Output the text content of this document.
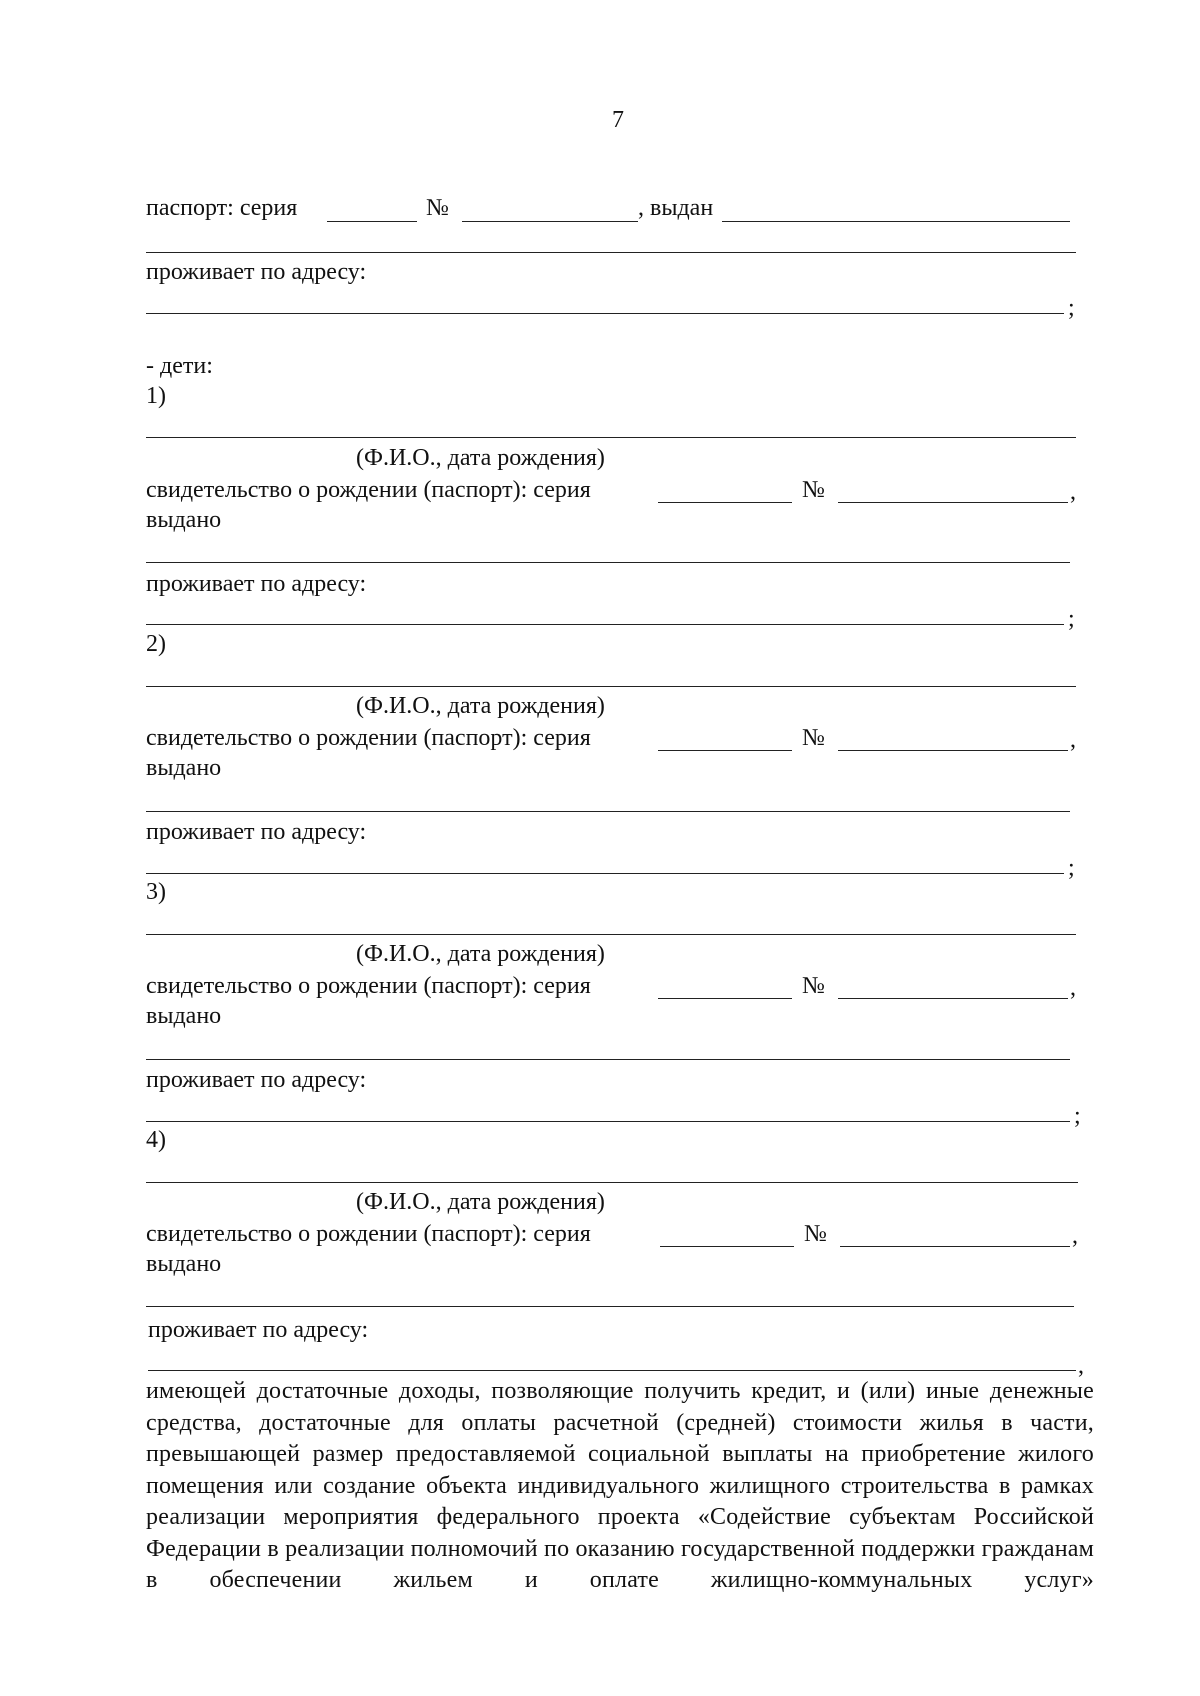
7
паспорт: серия	№	, выдан
проживает по адресу:
;
- дети:
1)
(Ф.И.О., дата рождения)
свидетельство о рождении (паспорт): серия	№	,
выдано
проживает по адресу:
;
2)
(Ф.И.О., дата рождения)
свидетельство о рождении (паспорт): серия	№	,
выдано
проживает по адресу:
;
3)
(Ф.И.О., дата рождения)
свидетельство о рождении (паспорт): серия	№	,
выдано
проживает по адресу:
;
4)
(Ф.И.О., дата рождения)
свидетельство о рождении (паспорт): серия	№	,
выдано
проживает по адресу:
,
имеющей достаточные доходы, позволяющие получить кредит, и (или) иные денежные средства, достаточные для оплаты расчетной (средней) стоимости жилья в части, превышающей размер предоставляемой социальной выплаты на приобретение жилого помещения или создание объекта индивидуального жилищного строительства в рамках реализации мероприятия федерального проекта «Содействие субъектам Российской Федерации в реализации полномочий по оказанию государственной поддержки гражданам в обеспечении жильем и оплате жилищно-коммунальных услуг»
